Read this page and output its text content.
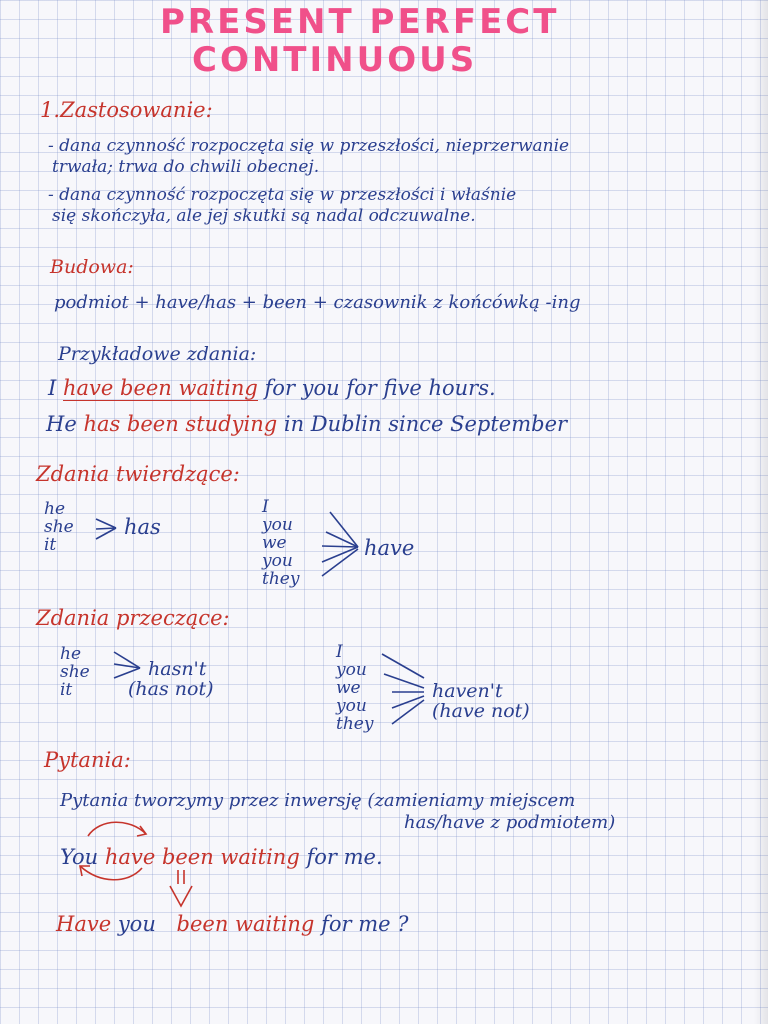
PRESENT PERFECT
CONTINUOUS
1.Zastosowanie:
- dana czynność rozpoczęta się w przeszłości, nieprzerwanie
trwała; trwa do chwili obecnej.
- dana czynność rozpoczęta się w przeszłości i właśnie
się skończyła, ale jej skutki są nadal odczuwalne.
Budowa:
podmiot + have/has + been + czasownik z końcówką -ing
Przykładowe zdania:
I have been waiting for you for five hours.
He has been studying in Dublin since September
Zdania twierdzące:
he
she
it
has
I
you
we
you
they
have
Zdania przeczące:
he
she
it
hasn't
(has not)
I
you
we
you
they
haven't
(have not)
Pytania:
Pytania tworzymy przez inwersję (zamieniamy miejscem
has/have z podmiotem)
You have been waiting for me.
Have you been waiting for me ?
